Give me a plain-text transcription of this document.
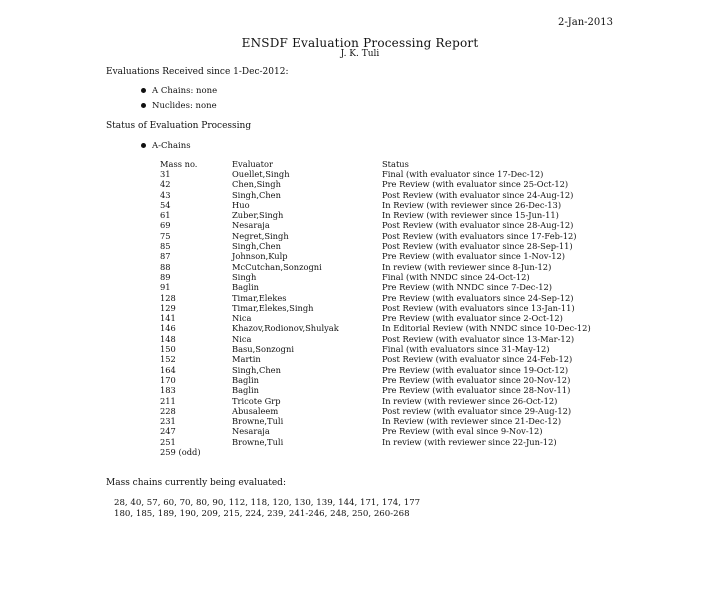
2-Jan-2013
ENSDF Evaluation Processing Report
J. K. Tuli
Evaluations Received since 1-Dec-2012:
A Chains: none
Nuclides: none
Status of Evaluation Processing
A-Chains
Mass no.	Evaluator	Status
31	Ouellet,Singh	Final (with evaluator since 17-Dec-12)
42	Chen,Singh	Pre Review (with evaluator since 25-Oct-12)
43	Singh,Chen	Post Review (with evaluator since 24-Aug-12)
54	Huo	In Review (with reviewer since 26-Dec-13)
61	Zuber,Singh	In Review (with reviewer since 15-Jun-11)
69	Nesaraja	Post Review (with evaluator since 28-Aug-12)
75	Negret,Singh	Post Review (with evaluators since 17-Feb-12)
85	Singh,Chen	Post Review (with evaluator since 28-Sep-11)
87	Johnson,Kulp	Pre Review (with evaluator since 1-Nov-12)
88	McCutchan,Sonzogni	In review (with reviewer since 8-Jun-12)
89	Singh	Final (with NNDC since 24-Oct-12)
91	Baglin	Pre Review (with NNDC since 7-Dec-12)
128	Timar,Elekes	Pre Review (with evaluators since 24-Sep-12)
129	Timar,Elekes,Singh	Post Review (with evaluators since 13-Jan-11)
141	Nica	Pre Review (with evaluator since 2-Oct-12)
146	Khazov,Rodionov,Shulyak	In Editorial Review (with NNDC since 10-Dec-12)
148	Nica	Post Review (with evaluator since 13-Mar-12)
150	Basu,Sonzogni	Final (with evaluators since 31-May-12)
152	Martin	Post Review (with evaluator since 24-Feb-12)
164	Singh,Chen	Pre Review (with evaluator since 19-Oct-12)
170	Baglin	Pre Review (with evaluator since 20-Nov-12)
183	Baglin	Pre Review (with evaluator since 28-Nov-11)
211	Tricote Grp	In review (with reviewer since 26-Oct-12)
228	Abusaleem	Post review (with evaluator since 29-Aug-12)
231	Browne,Tuli	In Review (with reviewer since 21-Dec-12)
247	Nesaraja	Pre Review (with eval since 9-Nov-12)
251	Browne,Tuli	In review (with reviewer since 22-Jun-12)
259 (odd)		
Mass chains currently being evaluated:
28, 40, 57, 60, 70, 80, 90, 112, 118, 120, 130, 139, 144, 171, 174, 177
180, 185, 189, 190, 209, 215, 224, 239, 241-246, 248, 250, 260-268
